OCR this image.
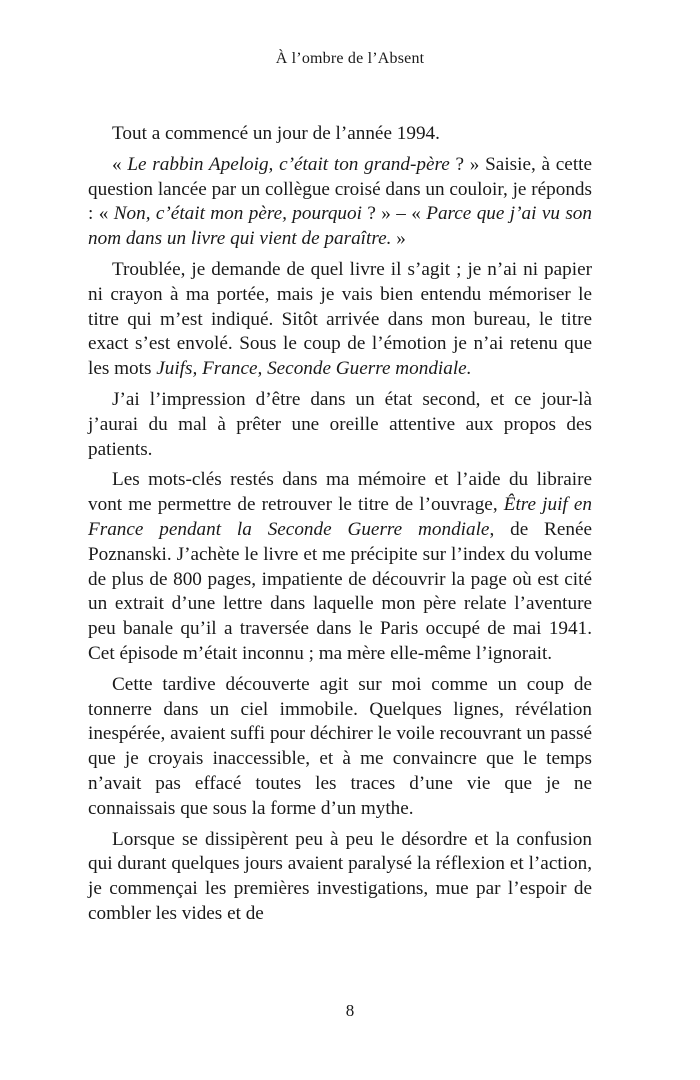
À l’ombre de l’Absent

Tout a commencé un jour de l’année 1994.

« Le rabbin Apeloig, c’était ton grand-père ? » Saisie, à cette question lancée par un collègue croisé dans un couloir, je réponds : « Non, c’était mon père, pourquoi ? » – « Parce que j’ai vu son nom dans un livre qui vient de paraître. »

Troublée, je demande de quel livre il s’agit ; je n’ai ni papier ni crayon à ma portée, mais je vais bien entendu mémoriser le titre qui m’est indiqué. Sitôt arrivée dans mon bureau, le titre exact s’est envolé. Sous le coup de l’émotion je n’ai retenu que les mots Juifs, France, Seconde Guerre mondiale.

J’ai l’impression d’être dans un état second, et ce jour-là j’aurai du mal à prêter une oreille attentive aux propos des patients.

Les mots-clés restés dans ma mémoire et l’aide du libraire vont me permettre de retrouver le titre de l’ouvrage, Être juif en France pendant la Seconde Guerre mondiale, de Renée Poznanski. J’achète le livre et me précipite sur l’index du volume de plus de 800 pages, impatiente de découvrir la page où est cité un extrait d’une lettre dans laquelle mon père relate l’aventure peu banale qu’il a traversée dans le Paris occupé de mai 1941. Cet épisode m’était inconnu ; ma mère elle-même l’ignorait.

Cette tardive découverte agit sur moi comme un coup de tonnerre dans un ciel immobile. Quelques lignes, révélation inespérée, avaient suffi pour déchirer le voile recouvrant un passé que je croyais inaccessible, et à me convaincre que le temps n’avait pas effacé toutes les traces d’une vie que je ne connaissais que sous la forme d’un mythe.

Lorsque se dissipèrent peu à peu le désordre et la confusion qui durant quelques jours avaient paralysé la réflexion et l’action, je commençai les premières investigations, mue par l’espoir de combler les vides et de

8
